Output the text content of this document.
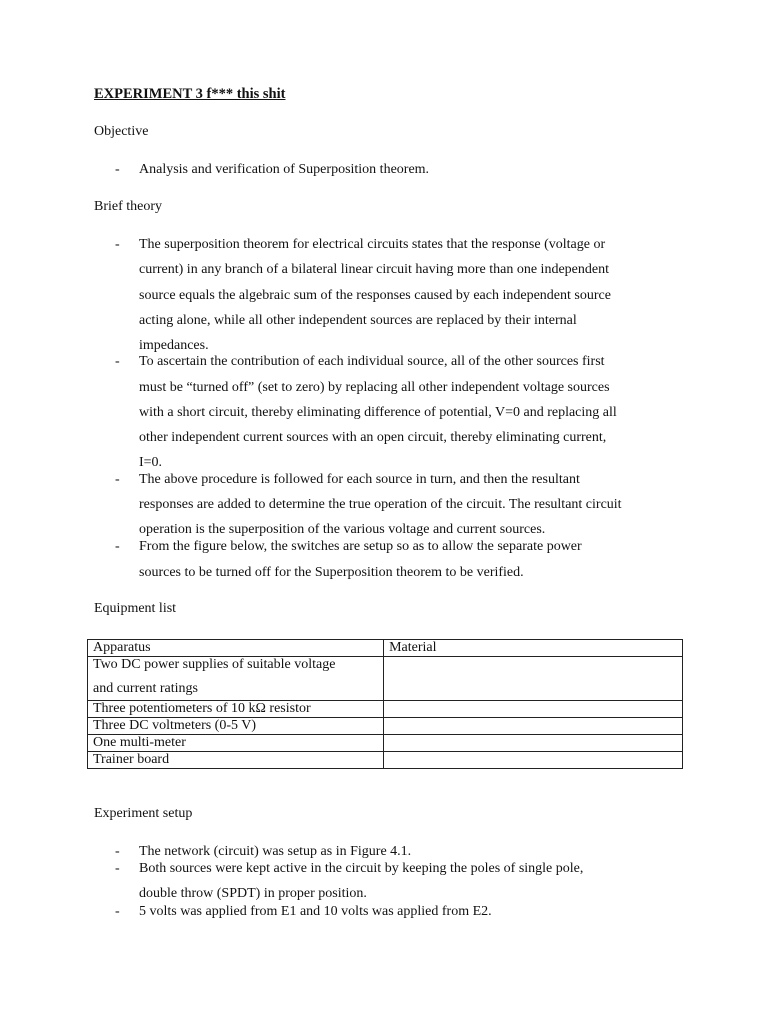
EXPERIMENT 3 f*** this shit
Objective
- Analysis and verification of Superposition theorem.
Brief theory
- The superposition theorem for electrical circuits states that the response (voltage or
current) in any branch of a bilateral linear circuit having more than one independent
source equals the algebraic sum of the responses caused by each independent source
acting alone, while all other independent sources are replaced by their internal
impedances.
- To ascertain the contribution of each individual source, all of the other sources first
must be “turned off” (set to zero) by replacing all other independent voltage sources
with a short circuit, thereby eliminating difference of potential, V=0 and replacing all
other independent current sources with an open circuit, thereby eliminating current,
I=0.
- The above procedure is followed for each source in turn, and then the resultant
responses are added to determine the true operation of the circuit. The resultant circuit
operation is the superposition of the various voltage and current sources.
- From the figure below, the switches are setup so as to allow the separate power
sources to be turned off for the Superposition theorem to be verified.
Equipment list
Apparatus	Material
Two DC power supplies of suitable voltage
and current ratings	

Three potentiometers of 10 kΩ resistor	
Three DC voltmeters (0-5 V)	
One multi-meter	
Trainer board	
Experiment setup
- The network (circuit) was setup as in Figure 4.1.
- Both sources were kept active in the circuit by keeping the poles of single pole,
double throw (SPDT) in proper position.
- 5 volts was applied from E1 and 10 volts was applied from E2.
